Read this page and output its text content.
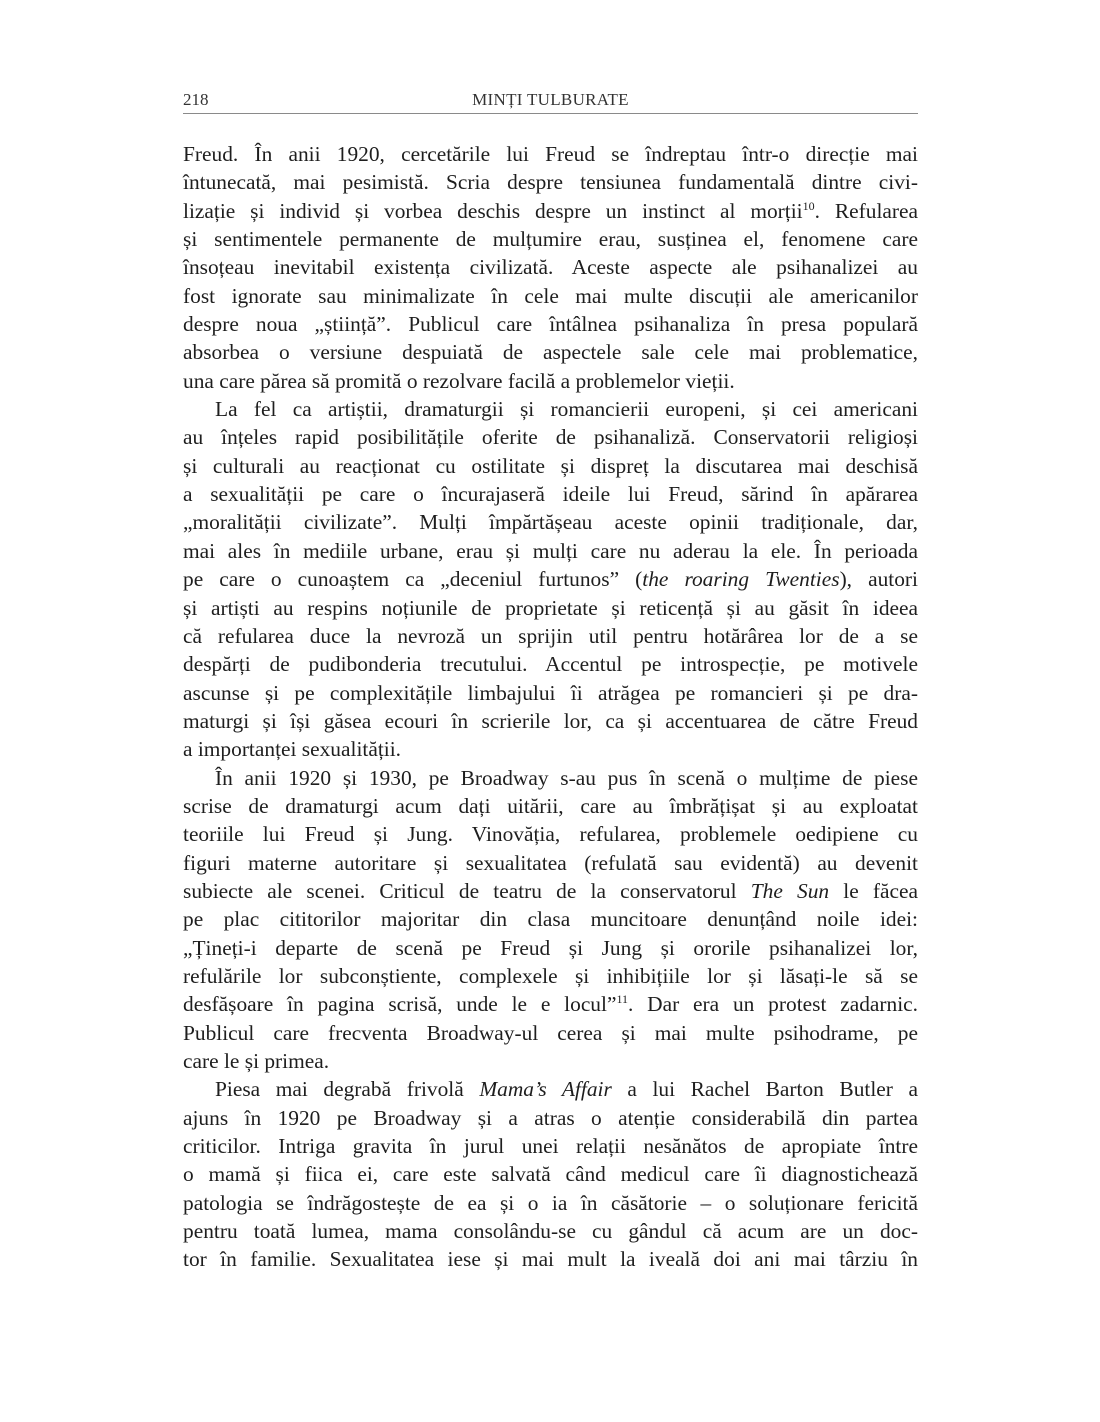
218	MINȚI TULBURATE
Freud. În anii 1920, cercetările lui Freud se îndreptau într-o direcție mai
întunecată, mai pesimistă. Scria despre tensiunea fundamentală dintre civi-
lizație și individ și vorbea deschis despre un instinct al morții$^{10}$. Refularea
și sentimentele permanente de mulțumire erau, susținea el, fenomene care
însoțeau inevitabil existența civilizată. Aceste aspecte ale psihanalizei au
fost ignorate sau minimalizate în cele mai multe discuții ale americanilor
despre noua „știință”. Publicul care întâlnea psihanaliza în presa populară
absorbea o versiune despuiată de aspectele sale cele mai problematice,
una care părea să promită o rezolvare facilă a problemelor vieții.
La fel ca artiștii, dramaturgii și romancierii europeni, și cei americani
au înțeles rapid posibilitățile oferite de psihanaliză. Conservatorii religioși
și culturali au reacționat cu ostilitate și dispreț la discutarea mai deschisă
a sexualității pe care o încurajaseră ideile lui Freud, sărind în apărarea
„moralității civilizate”. Mulți împărtășeau aceste opinii tradiționale, dar,
mai ales în mediile urbane, erau și mulți care nu aderau la ele. În perioada
pe care o cunoaștem ca „deceniul furtunos” (the roaring Twenties), autori
și artiști au respins noțiunile de proprietate și reticență și au găsit în ideea
că refularea duce la nevroză un sprijin util pentru hotărârea lor de a se
despărți de pudibonderia trecutului. Accentul pe introspecție, pe motivele
ascunse și pe complexitățile limbajului îi atrăgea pe romancieri și pe dra-
maturgi și își găsea ecouri în scrierile lor, ca și accentuarea de către Freud
a importanței sexualității.
În anii 1920 și 1930, pe Broadway s-au pus în scenă o mulțime de piese
scrise de dramaturgi acum dați uitării, care au îmbrățișat și au exploatat
teoriile lui Freud și Jung. Vinovăția, refularea, problemele oedipiene cu
figuri materne autoritare și sexualitatea (refulată sau evidentă) au devenit
subiecte ale scenei. Criticul de teatru de la conservatorul The Sun le făcea
pe plac cititorilor majoritar din clasa muncitoare denunțând noile idei:
„Țineți-i departe de scenă pe Freud și Jung și ororile psihanalizei lor,
refulările lor subconștiente, complexele și inhibițiile lor și lăsați-le să se
desfășoare în pagina scrisă, unde le e locul”$^{11}$. Dar era un protest zadarnic.
Publicul care frecventa Broadway-ul cerea și mai multe psihodrame, pe
care le și primea.
Piesa mai degrabă frivolă Mama’s Affair a lui Rachel Barton Butler a
ajuns în 1920 pe Broadway și a atras o atenție considerabilă din partea
criticilor. Intriga gravita în jurul unei relații nesănătos de apropiate între
o mamă și fiica ei, care este salvată când medicul care îi diagnostichează
patologia se îndrăgostește de ea și o ia în căsătorie – o soluționare fericită
pentru toată lumea, mama consolându-se cu gândul că acum are un doc-
tor în familie. Sexualitatea iese și mai mult la iveală doi ani mai târziu în
